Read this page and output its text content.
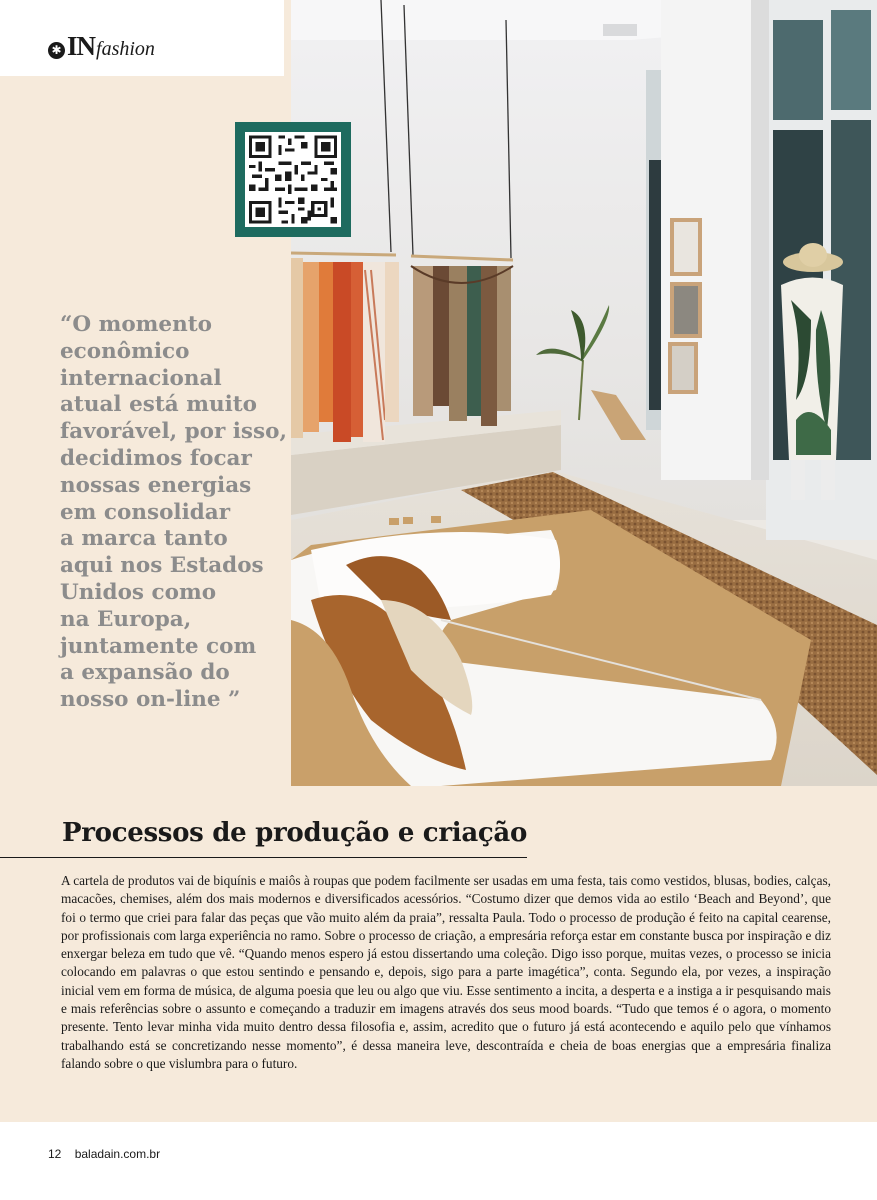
✱ IN fashion
“O momento
econômico
internacional
atual está muito
favorável, por isso,
decidimos focar
nossas energias
em consolidar
a marca tanto
aqui nos Estados
Unidos como
na Europa,
juntamente com
a expansão do
nosso on-line ”
Processos de produção e criação

A cartela de produtos vai de biquínis e maiôs à roupas que podem facilmente ser usadas em uma festa, tais como vestidos, blusas, bodies, calças, macacões, chemises, além dos mais modernos e diversificados acessórios. “Costumo dizer que demos vida ao estilo ‘Beach and Beyond’, que foi o termo que criei para falar das peças que vão muito além da praia”, ressalta Paula. Todo o processo de produção é feito na capital cearense, por profissionais com larga experiência no ramo. Sobre o processo de criação, a empresária reforça estar em constante busca por inspiração e diz enxergar beleza em tudo que vê. “Quando menos espero já estou dissertando uma coleção. Digo isso porque, muitas vezes, o processo se inicia colocando em palavras o que estou sentindo e pensando e, depois, sigo para a parte imagética”, conta. Segundo ela, por vezes, a inspiração inicial vem em forma de música, de alguma poesia que leu ou algo que viu. Esse sentimento a incita, a desperta e a instiga a ir pesquisando mais e mais referências sobre o assunto e começando a traduzir em imagens através dos seus mood boards. “Tudo que temos é o agora, o momento presente. Tento levar minha vida muito dentro dessa filosofia e, assim, acredito que o futuro já está acontecendo e aquilo pelo que vínhamos trabalhando está se concretizando nesse momento”, é dessa maneira leve, descontraída e cheia de boas energias que a empresária finaliza falando sobre o que vislumbra para o futuro.

12 baladain.com.br
